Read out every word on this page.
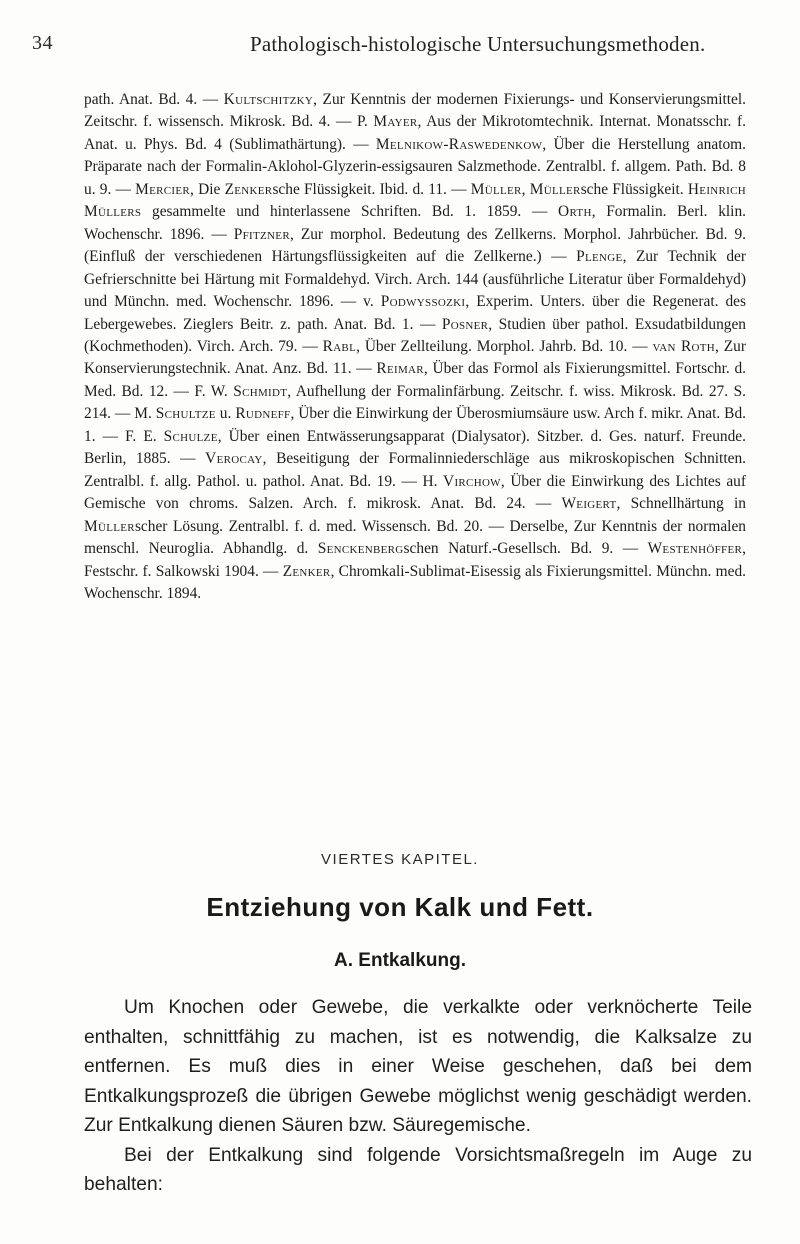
34	Pathologisch-histologische Untersuchungsmethoden.
path. Anat. Bd. 4. — Kultschitzky, Zur Kenntnis der modernen Fixierungs- und Konservierungsmittel. Zeitschr. f. wissensch. Mikrosk. Bd. 4. — P. Mayer, Aus der Mikrotomtechnik. Internat. Monatsschr. f. Anat. u. Phys. Bd. 4 (Sublimathärtung). — Melnikow-Raswedenkow, Über die Herstellung anatom. Präparate nach der Formalin-Aklohol-Glyzerin-essigsauren Salzmethode. Zentralbl. f. allgem. Path. Bd. 8 u. 9. — Mercier, Die Zenkersche Flüssigkeit. Ibid. d. 11. — Müller, Müllersche Flüssigkeit. Heinrich Müllers gesammelte und hinterlassene Schriften. Bd. 1. 1859. — Orth, Formalin. Berl. klin. Wochenschr. 1896. — Pfitzner, Zur morphol. Bedeutung des Zellkerns. Morphol. Jahrbücher. Bd. 9. (Einfluß der verschiedenen Härtungsflüssigkeiten auf die Zellkerne.) — Plenge, Zur Technik der Gefrierschnitte bei Härtung mit Formaldehyd. Virch. Arch. 144 (ausführliche Literatur über Formaldehyd) und Münchn. med. Wochenschr. 1896. — v. Podwyssozki, Experim. Unters. über die Regenerat. des Lebergewebes. Zieglers Beitr. z. path. Anat. Bd. 1. — Posner, Studien über pathol. Exsudatbildungen (Kochmethoden). Virch. Arch. 79. — Rabl, Über Zellteilung. Morphol. Jahrb. Bd. 10. — van Roth, Zur Konservierungstechnik. Anat. Anz. Bd. 11. — Reimar, Über das Formol als Fixierungsmittel. Fortschr. d. Med. Bd. 12. — F. W. Schmidt, Aufhellung der Formalinfärbung. Zeitschr. f. wiss. Mikrosk. Bd. 27. S. 214. — M. Schultze u. Rudneff, Über die Einwirkung der Überosmiumsäure usw. Arch f. mikr. Anat. Bd. 1. — F. E. Schulze, Über einen Entwässerungsapparat (Dialysator). Sitzber. d. Ges. naturf. Freunde. Berlin, 1885. — Verocay, Beseitigung der Formalinniederschläge aus mikroskopischen Schnitten. Zentralbl. f. allg. Pathol. u. pathol. Anat. Bd. 19. — H. Virchow, Über die Einwirkung des Lichtes auf Gemische von chroms. Salzen. Arch. f. mikrosk. Anat. Bd. 24. — Weigert, Schnellhärtung in Müllerscher Lösung. Zentralbl. f. d. med. Wissensch. Bd. 20. — Derselbe, Zur Kenntnis der normalen menschl. Neuroglia. Abhandlg. d. Senckenbergschen Naturf.-Gesellsch. Bd. 9. — Westenhöffer, Festschr. f. Salkowski 1904. — Zenker, Chromkali-Sublimat-Eisessig als Fixierungsmittel. Münchn. med. Wochenschr. 1894.
VIERTES KAPITEL.
Entziehung von Kalk und Fett.
A. Entkalkung.

Um Knochen oder Gewebe, die verkalkte oder verknöcherte Teile enthalten, schnittfähig zu machen, ist es notwendig, die Kalksalze zu entfernen. Es muß dies in einer Weise geschehen, daß bei dem Entkalkungsprozeß die übrigen Gewebe möglichst wenig geschädigt werden. Zur Entkalkung dienen Säuren bzw. Säuregemische.

Bei der Entkalkung sind folgende Vorsichtsmaßregeln im Auge zu behalten:
